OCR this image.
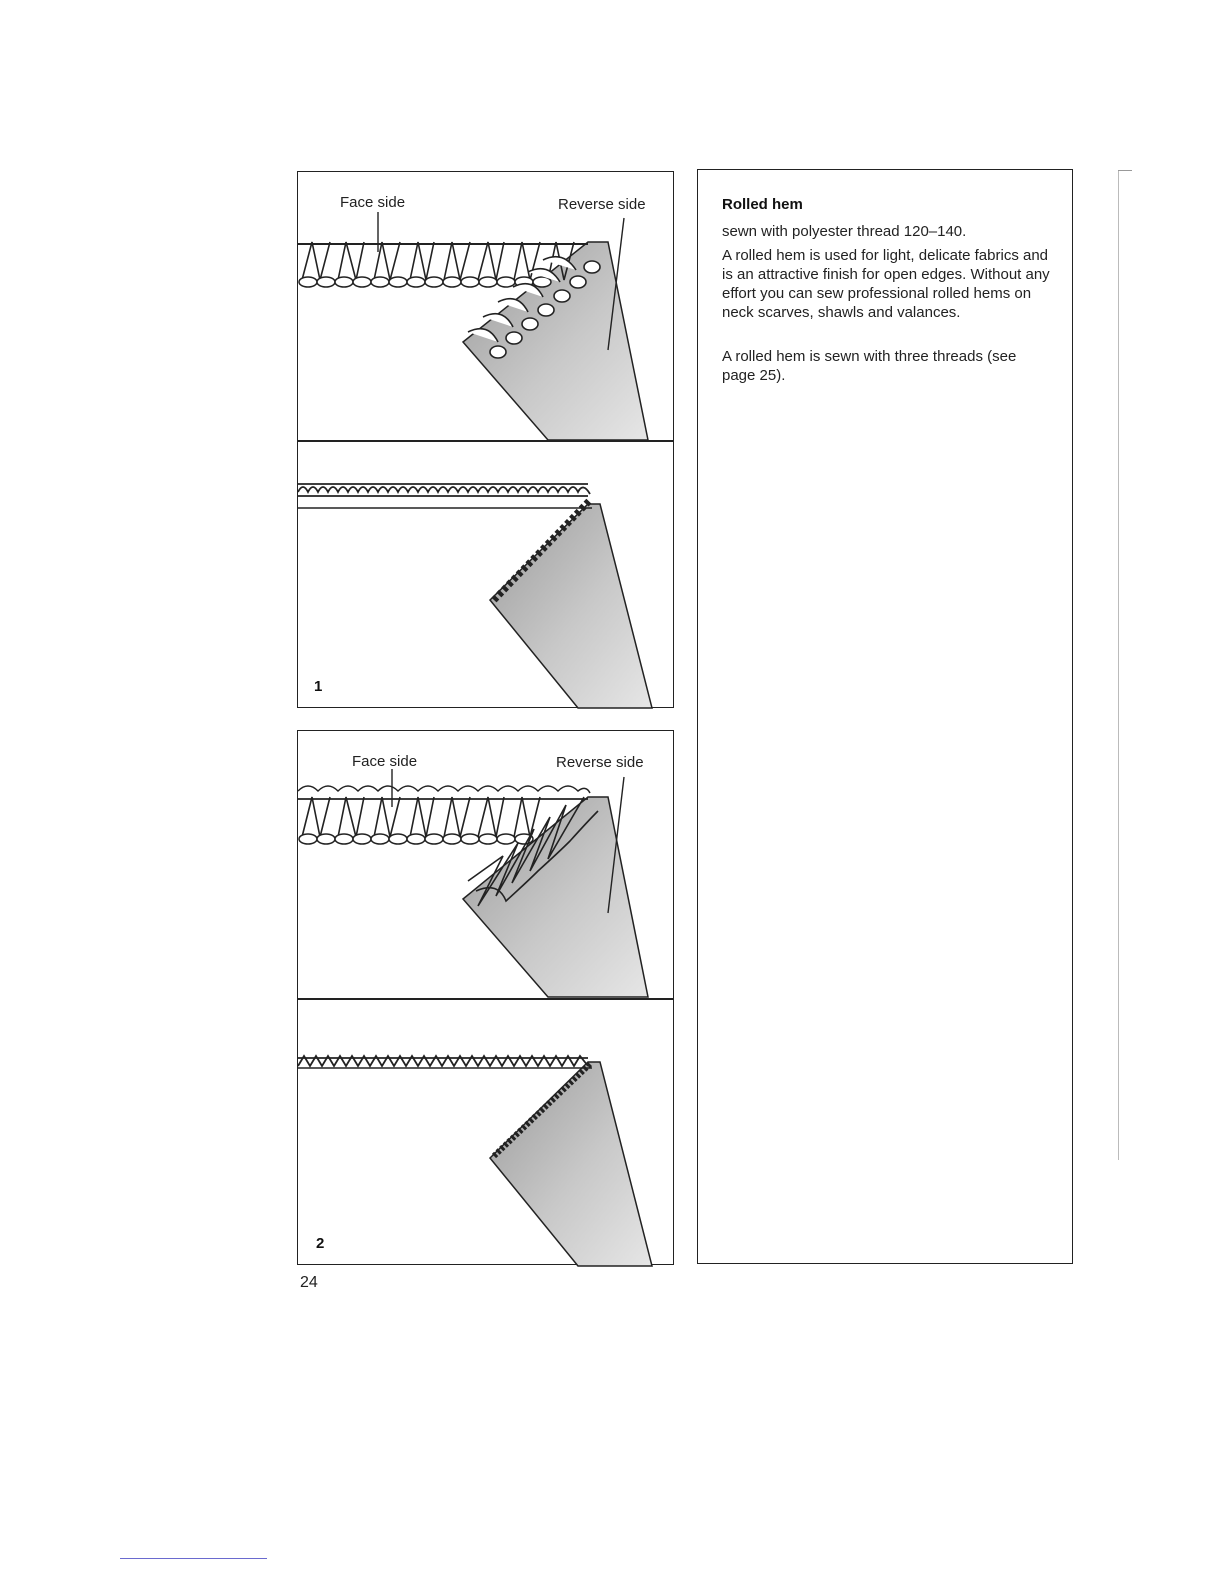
Face side	Reverse side
1
Face side	Reverse side
2
24
Rolled hem
sewn with polyester thread 120–140.
A rolled hem is used for light, delicate fabrics and is an attractive finish for open edges. Without any effort you can sew professional rolled hems on neck scarves, shawls and valances.
A rolled hem is sewn with three threads (see page 25).
